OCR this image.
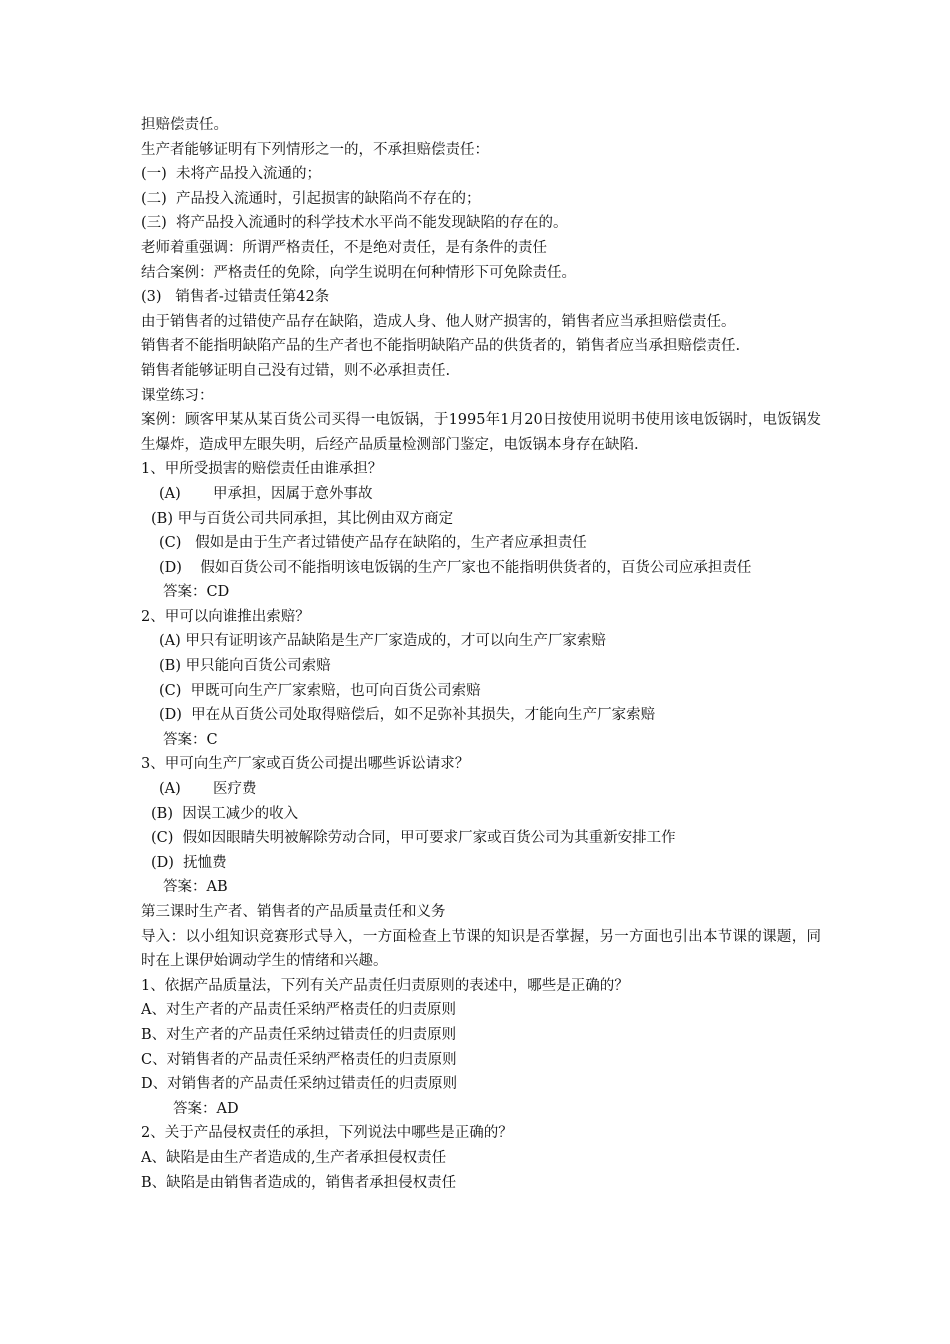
担赔偿责任。
生产者能够证明有下列情形之一的，不承担赔偿责任：
(一)  未将产品投入流通的；
(二)  产品投入流通时，引起损害的缺陷尚不存在的；
(三)  将产品投入流通时的科学技术水平尚不能发现缺陷的存在的。
老师着重强调：所谓严格责任，不是绝对责任，是有条件的责任
结合案例：严格责任的免除，向学生说明在何种情形下可免除责任。
(3)   销售者-过错责任第42条
由于销售者的过错使产品存在缺陷，造成人身、他人财产损害的，销售者应当承担赔偿责任。
销售者不能指明缺陷产品的生产者也不能指明缺陷产品的供货者的，销售者应当承担赔偿责任.
销售者能够证明自己没有过错，则不必承担责任.
课堂练习：
案例：顾客甲某从某百货公司买得一电饭锅，于1995年1月20日按使用说明书使用该电饭锅时，电饭锅发生爆炸，造成甲左眼失明，后经产品质量检测部门鉴定，电饭锅本身存在缺陷.
1、甲所受损害的赔偿责任由谁承担？
(A)       甲承担，因属于意外事故
(B) 甲与百货公司共同承担，其比例由双方商定
(C)   假如是由于生产者过错使产品存在缺陷的，生产者应承担责任
(D)    假如百货公司不能指明该电饭锅的生产厂家也不能指明供货者的，百货公司应承担责任
答案：CD
2、甲可以向谁推出索赔？
(A) 甲只有证明该产品缺陷是生产厂家造成的，才可以向生产厂家索赔
(B) 甲只能向百货公司索赔
(C)  甲既可向生产厂家索赔，也可向百货公司索赔
(D)  甲在从百货公司处取得赔偿后，如不足弥补其损失，才能向生产厂家索赔
答案：C
3、甲可向生产厂家或百货公司提出哪些诉讼请求？
(A)       医疗费
(B)  因误工减少的收入
(C)  假如因眼睛失明被解除劳动合同，甲可要求厂家或百货公司为其重新安排工作
(D)  抚恤费
答案：AB
第三课时生产者、销售者的产品质量责任和义务
导入：以小组知识竞赛形式导入，一方面检查上节课的知识是否掌握，另一方面也引出本节课的课题，同时在上课伊始调动学生的情绪和兴趣。
1、依据产品质量法，下列有关产品责任归责原则的表述中，哪些是正确的？
A、对生产者的产品责任采纳严格责任的归责原则
B、对生产者的产品责任采纳过错责任的归责原则
C、对销售者的产品责任采纳严格责任的归责原则
D、对销售者的产品责任采纳过错责任的归责原则
答案：AD
2、关于产品侵权责任的承担，下列说法中哪些是正确的？
A、缺陷是由生产者造成的,生产者承担侵权责任
B、缺陷是由销售者造成的，销售者承担侵权责任
